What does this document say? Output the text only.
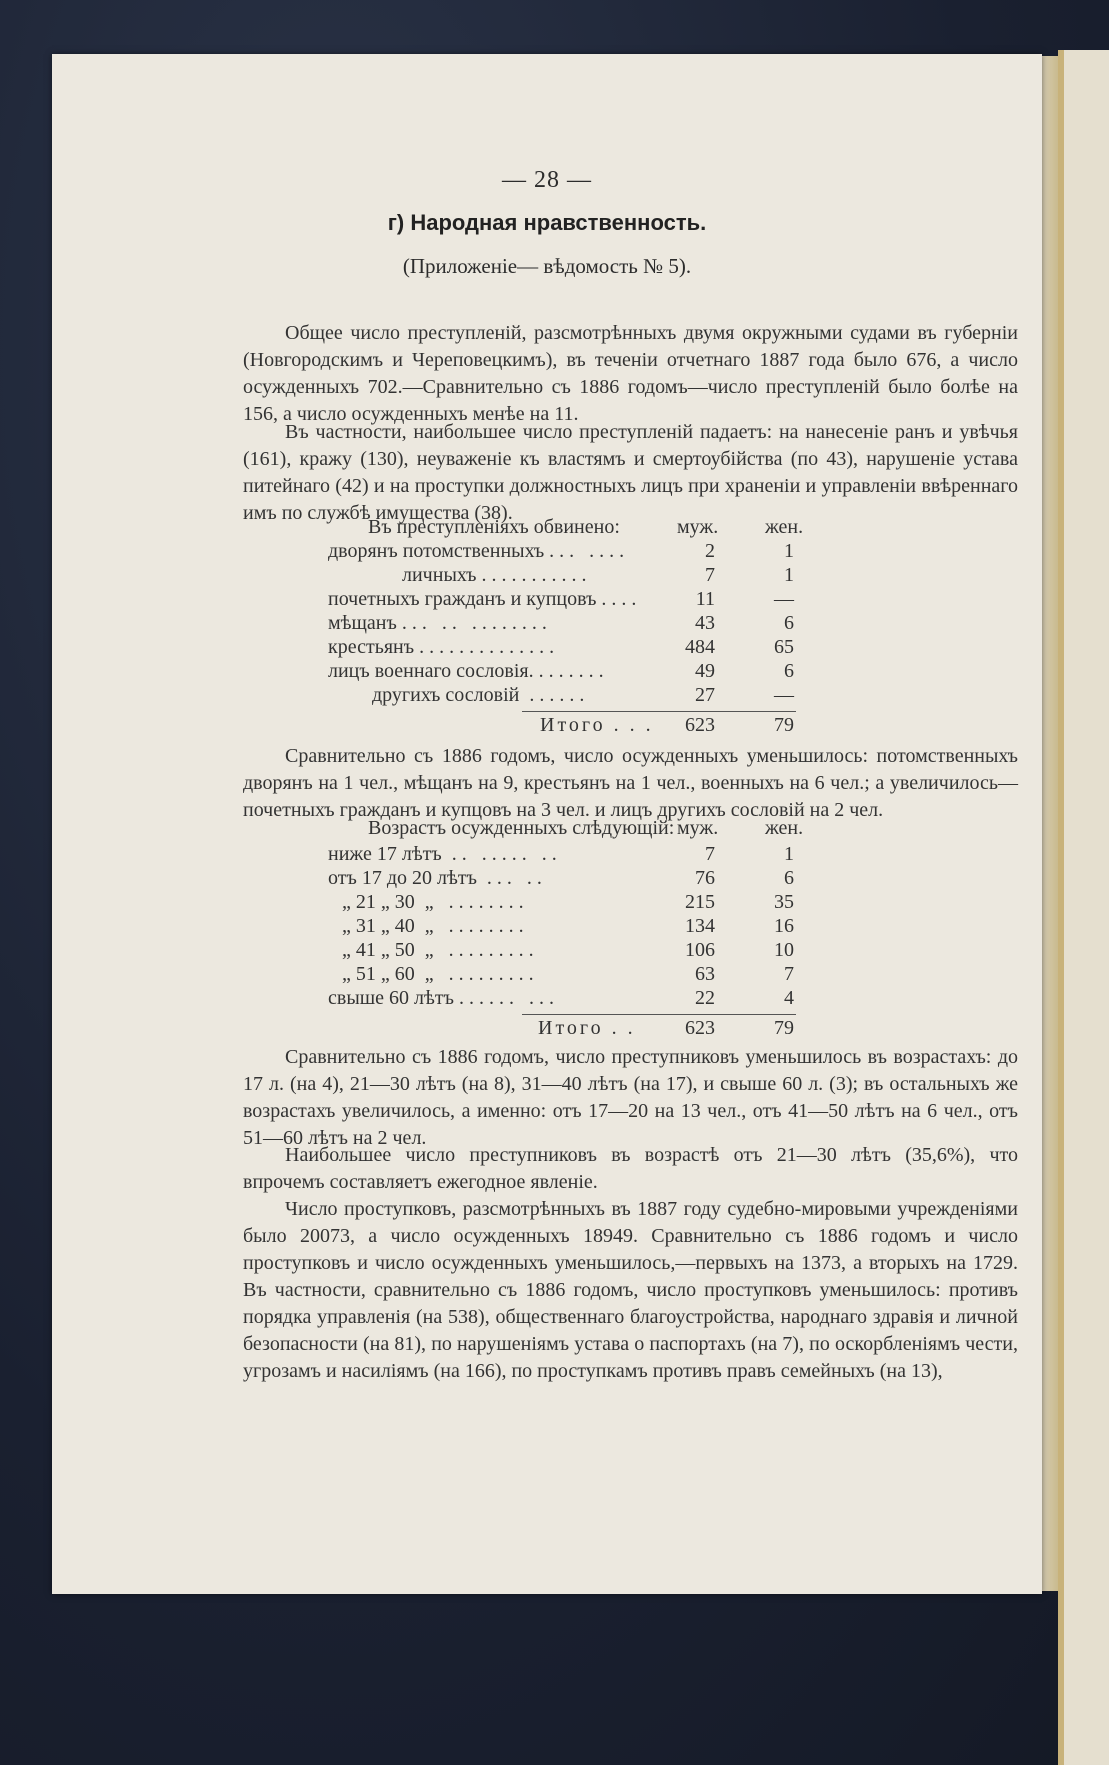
— 28 —
г) Народная нравственность.
(Приложеніе— вѣдомость № 5).

Общее число преступленій, разсмотрѣнныхъ двумя окружными судами въ губерніи (Новгородскимъ и Череповецкимъ), въ теченіи отчетнаго 1887 года было 676, а число осужденныхъ 702.—Сравнительно съ 1886 годомъ—число преступленій было болѣе на 156, а число осужденныхъ менѣе на 11.

Въ частности, наибольшее число преступленій падаетъ: на нанесеніе ранъ и увѣчья (161), кражу (130), неуваженіе къ властямъ и смертоубійства (по 43), нарушеніе устава питейнаго (42) и на проступки должностныхъ лицъ при храненіи и управленіи ввѣреннаго имъ по службѣ имущества (38).

Въ преступленіяхъ обвинено:	муж. жен.
дворянъ потомственныхъ . . .   . . . .	2	1
личныхъ . . . . . . . . . . .	7	1
почетныхъ гражданъ и купцовъ . . . .	11	—
мѣщанъ . . .   . .   . . . . . . . .	43	6
крестьянъ . . . . . . . . . . . . . .	484	65
лицъ военнаго сословія. . . . . . . .	49	6
другихъ сословій  . . . . . .	27	—
Итого . . .	623	79

Сравнительно съ 1886 годомъ, число осужденныхъ уменьшилось: потомственныхъ дворянъ на 1 чел., мѣщанъ на 9, крестьянъ на 1 чел., военныхъ на 6 чел.; а увеличилось—почетныхъ гражданъ и купцовъ на 3 чел. и лицъ другихъ сословій на 2 чел.

Возрастъ осужденныхъ слѣдующій: муж. жен.
ниже 17 лѣтъ  . .   . . . . .   . .	7	1
отъ 17 до 20 лѣтъ  . . .   . .	76	6
„ 21 „ 30  „   . . . . . . . .	215	35
„ 31 „ 40  „   . . . . . . . .	134	16
„ 41 „ 50  „   . . . . . . . . .	106	10
„ 51 „ 60  „   . . . . . . . . .	63	7
свыше 60 лѣтъ . . . . . .   . . .	22	4
Итого . .	623	79

Сравнительно съ 1886 годомъ, число преступниковъ уменьшилось въ возрастахъ: до 17 л. (на 4), 21—30 лѣтъ (на 8), 31—40 лѣтъ (на 17), и свыше 60 л. (3); въ остальныхъ же возрастахъ увеличилось, а именно: отъ 17—20 на 13 чел., отъ 41—50 лѣтъ на 6 чел., отъ 51—60 лѣтъ на 2 чел.

Наибольшее число преступниковъ въ возрастѣ отъ 21—30 лѣтъ (35,6%), что впрочемъ составляетъ ежегодное явленіе.

Число проступковъ, разсмотрѣнныхъ въ 1887 году судебно-мировыми учрежденіями было 20073, а число осужденныхъ 18949. Сравнительно съ 1886 годомъ и число проступковъ и число осужденныхъ уменьшилось,—первыхъ на 1373, а вторыхъ на 1729. Въ частности, сравнительно съ 1886 годомъ, число проступковъ уменьшилось: противъ порядка управленія (на 538), общественнаго благоустройства, народнаго здравія и личной безопасности (на 81), по нарушеніямъ устава о паспортахъ (на 7), по оскорбленіямъ чести, угрозамъ и насиліямъ (на 166), по проступкамъ противъ правъ семейныхъ (на 13),
